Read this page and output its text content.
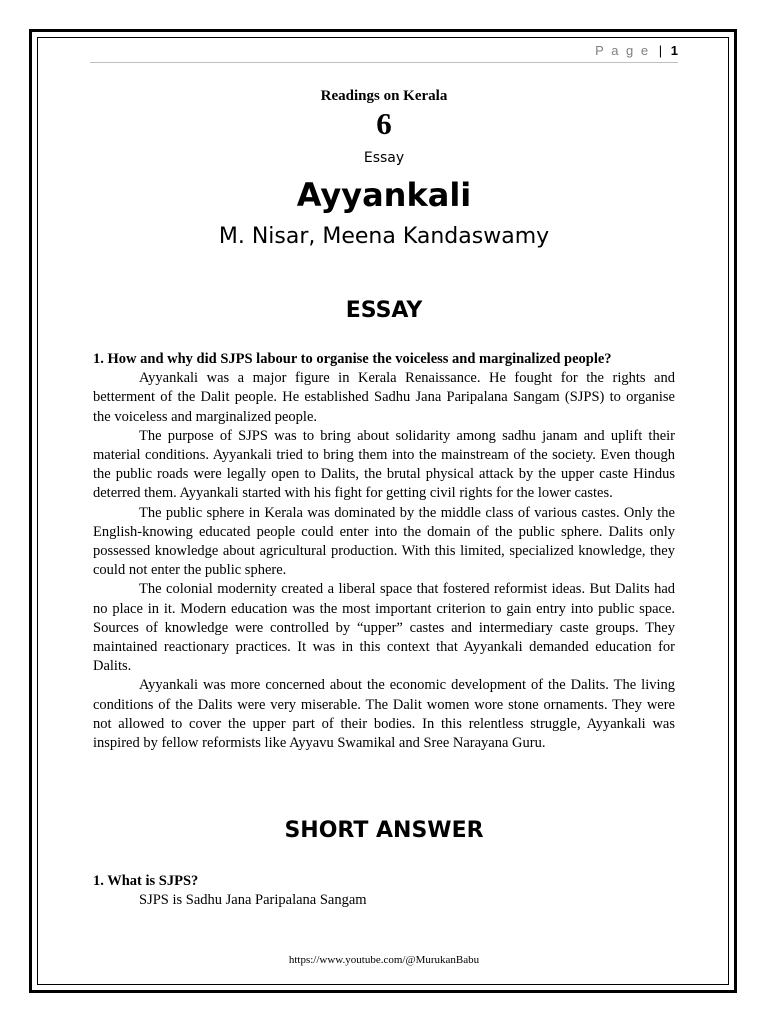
P a g e | 1
Readings on Kerala
6
Essay
Ayyankali
M. Nisar, Meena Kandaswamy
ESSAY

1. How and why did SJPS labour to organise the voiceless and marginalized people?

Ayyankali was a major figure in Kerala Renaissance. He fought for the rights and betterment of the Dalit people. He established Sadhu Jana Paripalana Sangam (SJPS) to organise the voiceless and marginalized people.

The purpose of SJPS was to bring about solidarity among sadhu janam and uplift their material conditions. Ayyankali tried to bring them into the mainstream of the society. Even though the public roads were legally open to Dalits, the brutal physical attack by the upper caste Hindus deterred them. Ayyankali started with his fight for getting civil rights for the lower castes.

The public sphere in Kerala was dominated by the middle class of various castes. Only the English-knowing educated people could enter into the domain of the public sphere. Dalits only possessed knowledge about agricultural production. With this limited, specialized knowledge, they could not enter the public sphere.

The colonial modernity created a liberal space that fostered reformist ideas. But Dalits had no place in it. Modern education was the most important criterion to gain entry into public space. Sources of knowledge were controlled by “upper” castes and intermediary caste groups. They maintained reactionary practices. It was in this context that Ayyankali demanded education for Dalits.

Ayyankali was more concerned about the economic development of the Dalits. The living conditions of the Dalits were very miserable. The Dalit women wore stone ornaments. They were not allowed to cover the upper part of their bodies. In this relentless struggle, Ayyankali was inspired by fellow reformists like Ayyavu Swamikal and Sree Narayana Guru.

SHORT ANSWER

1. What is SJPS?

SJPS is Sadhu Jana Paripalana Sangam

https://www.youtube.com/@MurukanBabu
